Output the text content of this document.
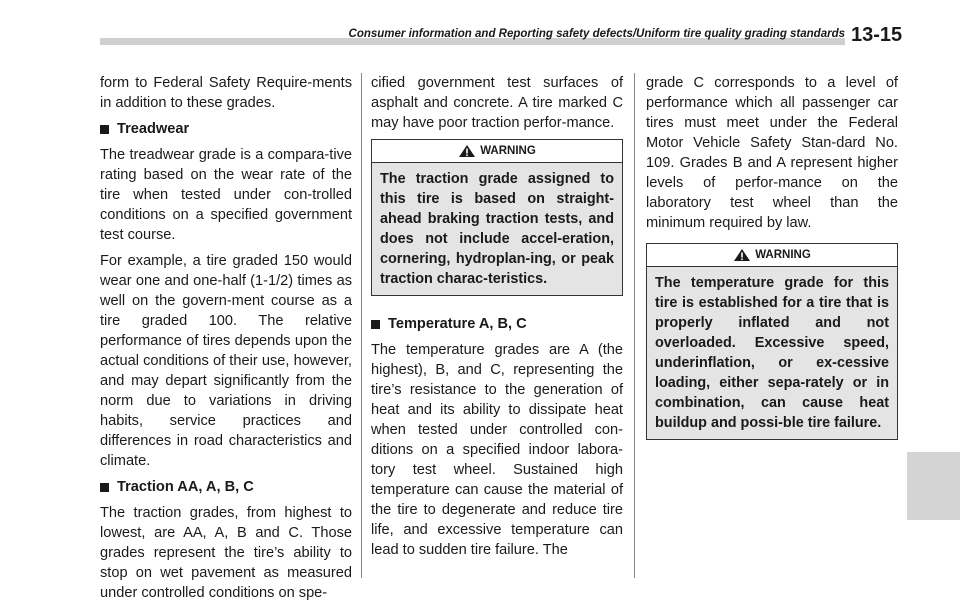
Consumer information and Reporting safety defects/Uniform tire quality grading standards 13-15

form to Federal Safety Require-ments in addition to these grades.

Treadwear

The treadwear grade is a compara-tive rating based on the wear rate of the tire when tested under con-trolled conditions on a specified government test course.

For example, a tire graded 150 would wear one and one-half (1-1/2) times as well on the govern-ment course as a tire graded 100. The relative performance of tires depends upon the actual conditions of their use, however, and may depart significantly from the norm due to variations in driving habits, service practices and differences in road characteristics and climate.

Traction AA, A, B, C

The traction grades, from highest to lowest, are AA, A, B and C. Those grades represent the tire’s ability to stop on wet pavement as measured under controlled conditions on spe-

cified government test surfaces of asphalt and concrete. A tire marked C may have poor traction perfor-mance.

WARNING
The traction grade assigned to this tire is based on straight-ahead braking traction tests, and does not include accel-eration, cornering, hydroplan-ing, or peak traction charac-teristics.
Temperature A, B, C

The temperature grades are A (the highest), B, and C, representing the tire’s resistance to the generation of heat and its ability to dissipate heat when tested under controlled con-ditions on a specified indoor labora-tory test wheel. Sustained high temperature can cause the material of the tire to degenerate and reduce tire life, and excessive temperature can lead to sudden tire failure. The

grade C corresponds to a level of performance which all passenger car tires must meet under the Federal Motor Vehicle Safety Stan-dard No. 109. Grades B and A represent higher levels of perfor-mance on the laboratory test wheel than the minimum required by law.

WARNING
The temperature grade for this tire is established for a tire that is properly inflated and not overloaded. Excessive speed, underinflation, or ex-cessive loading, either sepa-rately or in combination, can cause heat buildup and possi-ble tire failure.
